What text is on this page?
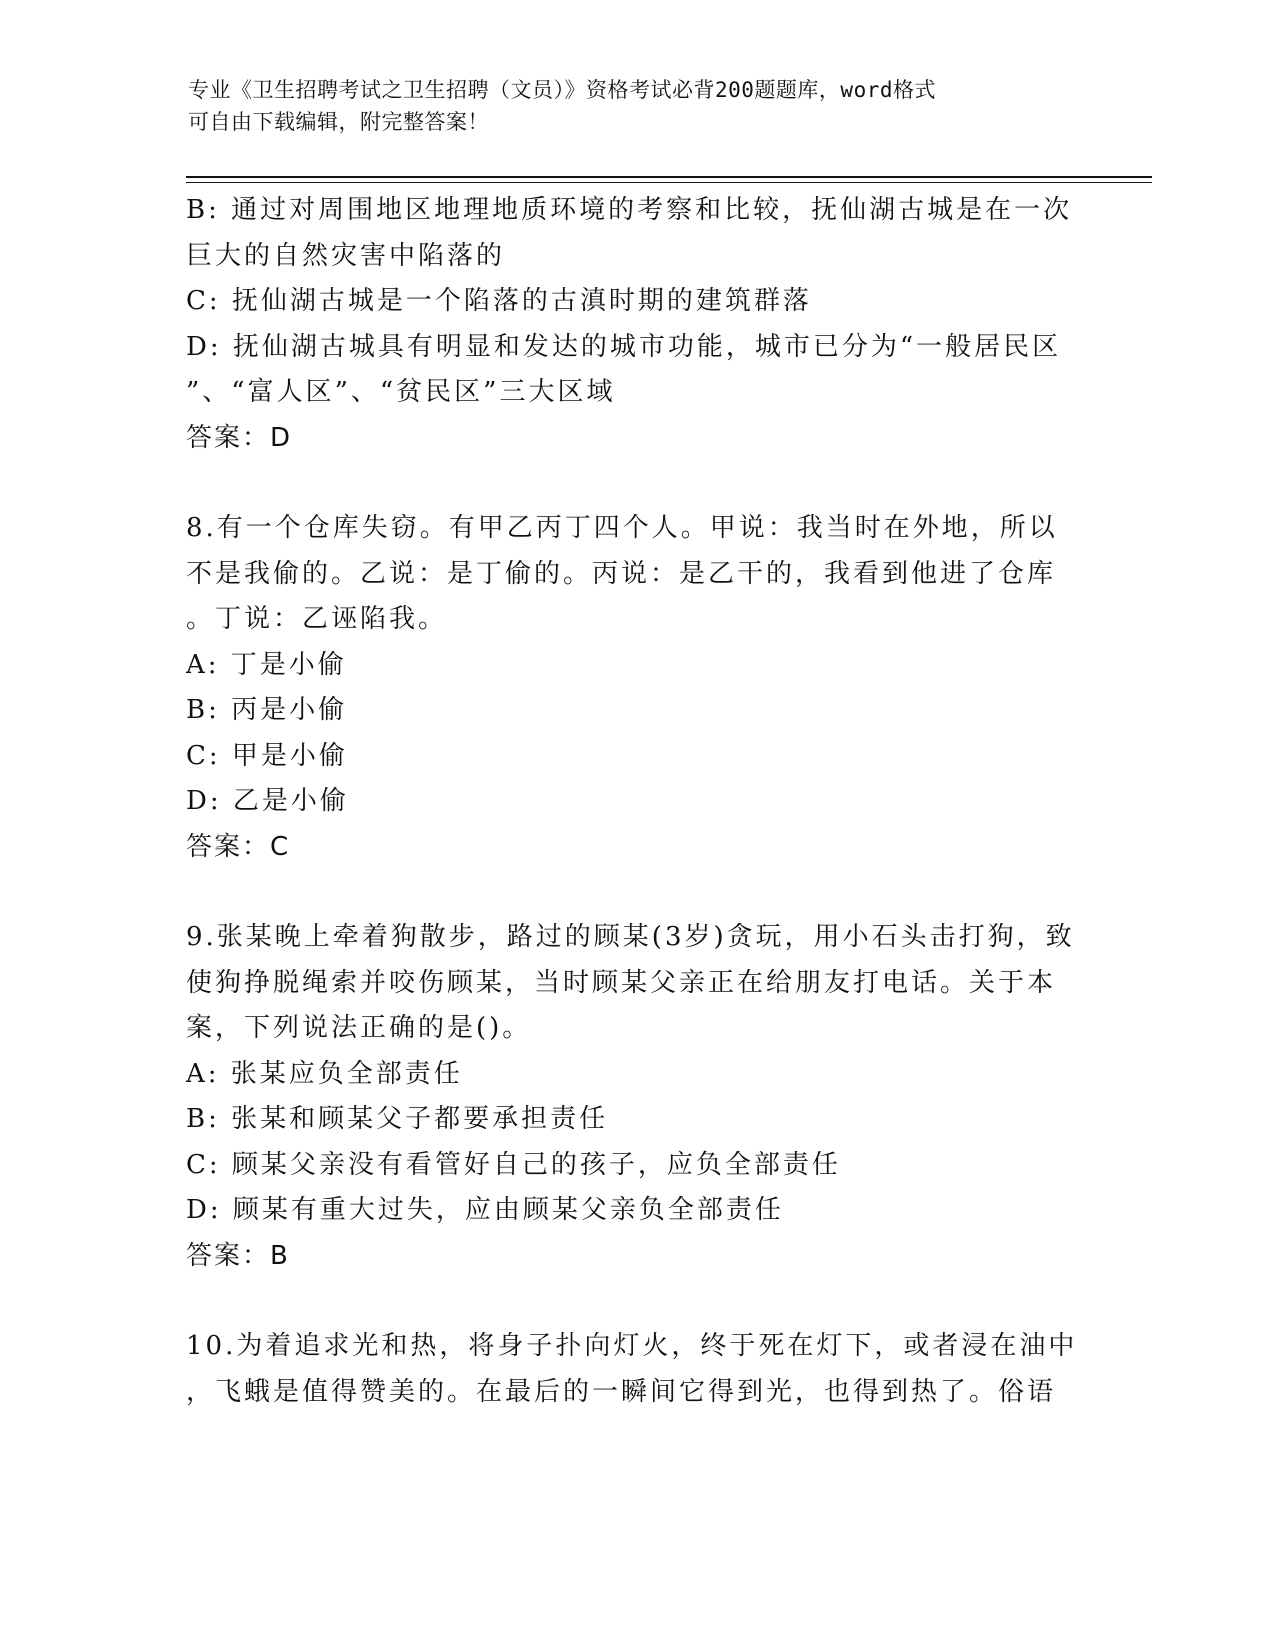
专业《卫生招聘考试之卫生招聘（文员）》资格考试必背200题题库，word格式
可自由下载编辑，附完整答案！

B: 通过对周围地区地理地质环境的考察和比较，抚仙湖古城是在一次

巨大的自然灾害中陷落的

C: 抚仙湖古城是一个陷落的古滇时期的建筑群落

D: 抚仙湖古城具有明显和发达的城市功能，城市已分为“一般居民区

”、“富人区”、“贫民区”三大区域

答案：D

8.有一个仓库失窃。有甲乙丙丁四个人。甲说：我当时在外地，所以

不是我偷的。乙说：是丁偷的。丙说：是乙干的，我看到他进了仓库

。丁说：乙诬陷我。

A: 丁是小偷

B: 丙是小偷

C: 甲是小偷

D: 乙是小偷

答案：C

9.张某晚上牵着狗散步，路过的顾某(3岁)贪玩，用小石头击打狗，致

使狗挣脱绳索并咬伤顾某，当时顾某父亲正在给朋友打电话。关于本

案，下列说法正确的是()。

A: 张某应负全部责任

B: 张某和顾某父子都要承担责任

C: 顾某父亲没有看管好自己的孩子，应负全部责任

D: 顾某有重大过失，应由顾某父亲负全部责任

答案：B

10.为着追求光和热，将身子扑向灯火，终于死在灯下，或者浸在油中

，飞蛾是值得赞美的。在最后的一瞬间它得到光，也得到热了。俗语
